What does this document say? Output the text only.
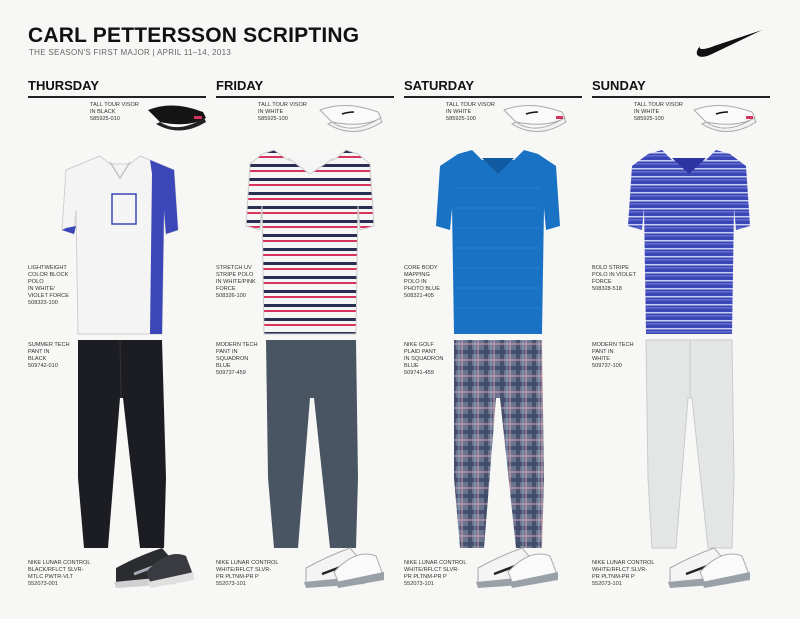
CARL PETTERSSON SCRIPTING
THE SEASON'S FIRST MAJOR | APRIL 11–14, 2013
THURSDAY
TALL TOUR VISOR
IN BLACK
585925-010
LIGHTWEIGHT
COLOR BLOCK
POLO
IN WHITE/
VIOLET FORCE
508323-100
SUMMER TECH
PANT IN
BLACK
509742-010
NIKE LUNAR CONTROL
BLACK/RFLCT SLVR-
MTLC PWTR-VLT
552073-001
FRIDAY
TALL TOUR VISOR
IN WHITE
585925-100
STRETCH UV
STRIPE POLO
IN WHITE/PINK
FORCE
508326-100
MODERN TECH
PANT IN
SQUADRON
BLUE
509737-459
NIKE LUNAR CONTROL
WHITE/RFLCT SLVR-
PR PLTNM-PR P
552073-101
SATURDAY
TALL TOUR VISOR
IN WHITE
585925-100
CORE BODY
MAPPING
POLO IN
PHOTO BLUE
508321-405
NIKE GOLF
PLAID PANT
IN SQUADRON
BLUE
509741-459
NIKE LUNAR CONTROL
WHITE/RFLCT SLVR-
PR PLTNM-PR P
552073-101
SUNDAY
TALL TOUR VISOR
IN WHITE
585925-100
BOLD STRIPE
POLO IN VIOLET
FORCE
508328-518
MODERN TECH
PANT IN
WHITE
509737-100
NIKE LUNAR CONTROL
WHITE/RFLCT SLVR-
PR PLTNM-PR P
552073-101
